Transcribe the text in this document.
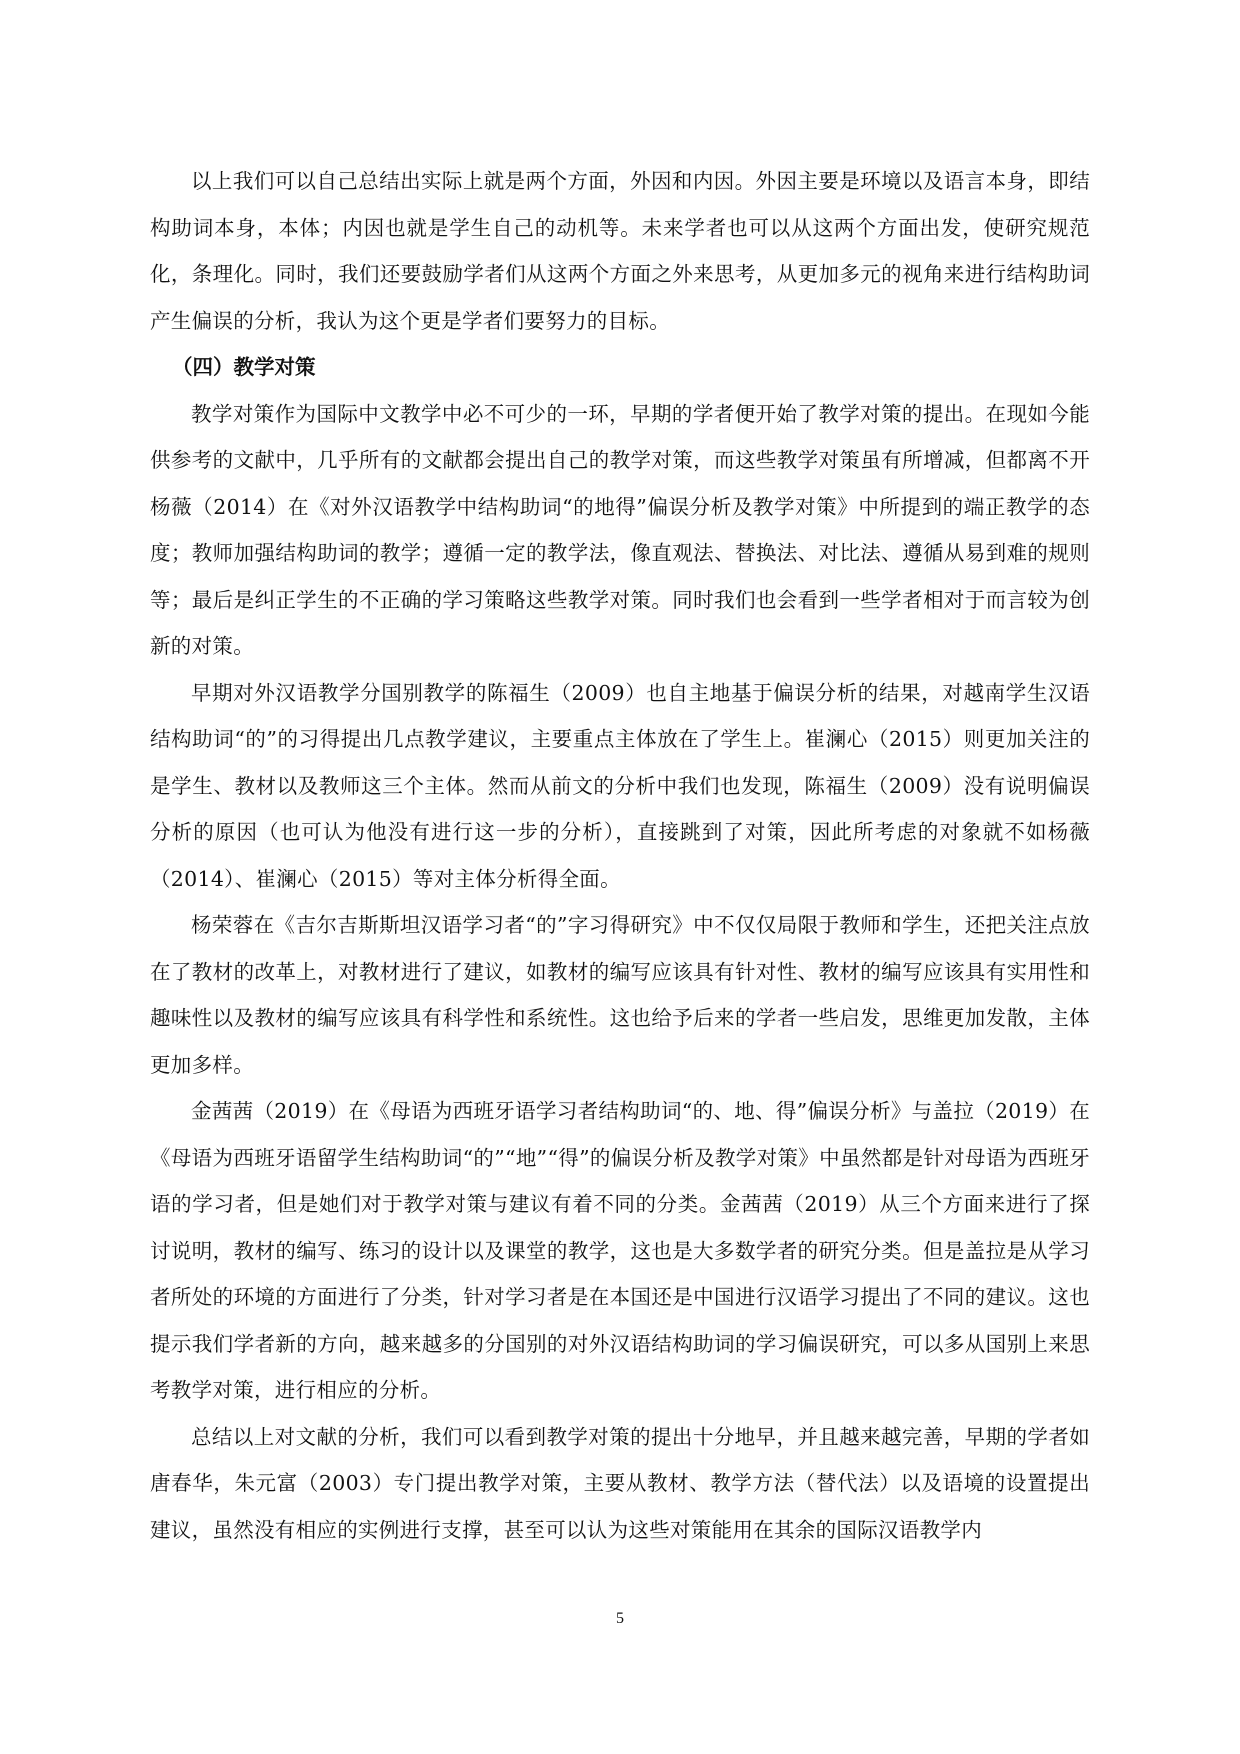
以上我们可以自己总结出实际上就是两个方面，外因和内因。外因主要是环境以及语言本身，即结构助词本身，本体；内因也就是学生自己的动机等。未来学者也可以从这两个方面出发，使研究规范化，条理化。同时，我们还要鼓励学者们从这两个方面之外来思考，从更加多元的视角来进行结构助词产生偏误的分析，我认为这个更是学者们要努力的目标。

（四）教学对策

教学对策作为国际中文教学中必不可少的一环，早期的学者便开始了教学对策的提出。在现如今能供参考的文献中，几乎所有的文献都会提出自己的教学对策，而这些教学对策虽有所增减，但都离不开杨薇（2014）在《对外汉语教学中结构助词“的地得”偏误分析及教学对策》中所提到的端正教学的态度；教师加强结构助词的教学；遵循一定的教学法，像直观法、替换法、对比法、遵循从易到难的规则等；最后是纠正学生的不正确的学习策略这些教学对策。同时我们也会看到一些学者相对于而言较为创新的对策。

早期对外汉语教学分国别教学的陈福生（2009）也自主地基于偏误分析的结果，对越南学生汉语结构助词“的”的习得提出几点教学建议，主要重点主体放在了学生上。崔澜心（2015）则更加关注的是学生、教材以及教师这三个主体。然而从前文的分析中我们也发现，陈福生（2009）没有说明偏误分析的原因（也可认为他没有进行这一步的分析），直接跳到了对策，因此所考虑的对象就不如杨薇（2014）、崔澜心（2015）等对主体分析得全面。

杨荣蓉在《吉尔吉斯斯坦汉语学习者“的”字习得研究》中不仅仅局限于教师和学生，还把关注点放在了教材的改革上，对教材进行了建议，如教材的编写应该具有针对性、教材的编写应该具有实用性和趣味性以及教材的编写应该具有科学性和系统性。这也给予后来的学者一些启发，思维更加发散，主体更加多样。

金茜茜（2019）在《母语为西班牙语学习者结构助词“的、地、得”偏误分析》与盖拉（2019）在《母语为西班牙语留学生结构助词“的”“地”“得”的偏误分析及教学对策》中虽然都是针对母语为西班牙语的学习者，但是她们对于教学对策与建议有着不同的分类。金茜茜（2019）从三个方面来进行了探讨说明，教材的编写、练习的设计以及课堂的教学，这也是大多数学者的研究分类。但是盖拉是从学习者所处的环境的方面进行了分类，针对学习者是在本国还是中国进行汉语学习提出了不同的建议。这也提示我们学者新的方向，越来越多的分国别的对外汉语结构助词的学习偏误研究，可以多从国别上来思考教学对策，进行相应的分析。

总结以上对文献的分析，我们可以看到教学对策的提出十分地早，并且越来越完善，早期的学者如唐春华，朱元富（2003）专门提出教学对策，主要从教材、教学方法（替代法）以及语境的设置提出建议，虽然没有相应的实例进行支撑，甚至可以认为这些对策能用在其余的国际汉语教学内

5
